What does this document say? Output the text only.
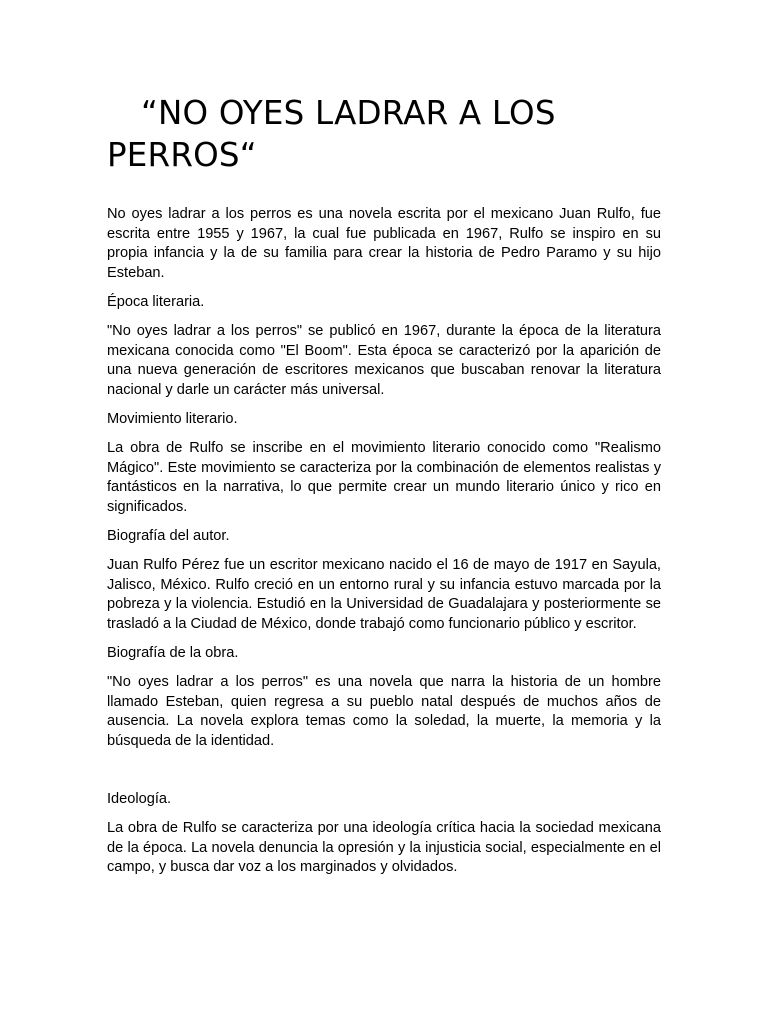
“NO OYES LADRAR A LOS PERROS“

No oyes ladrar a los perros es una novela escrita por el mexicano Juan Rulfo, fue escrita entre 1955 y 1967, la cual fue publicada en 1967, Rulfo se inspiro en su propia infancia y la de su familia para crear la historia de Pedro Paramo y su hijo Esteban.

Época literaria.

"No oyes ladrar a los perros" se publicó en 1967, durante la época de la literatura mexicana conocida como "El Boom". Esta época se caracterizó por la aparición de una nueva generación de escritores mexicanos que buscaban renovar la literatura nacional y darle un carácter más universal.

Movimiento literario.

La obra de Rulfo se inscribe en el movimiento literario conocido como "Realismo Mágico". Este movimiento se caracteriza por la combinación de elementos realistas y fantásticos en la narrativa, lo que permite crear un mundo literario único y rico en significados.

Biografía del autor.

Juan Rulfo Pérez fue un escritor mexicano nacido el 16 de mayo de 1917 en Sayula, Jalisco, México. Rulfo creció en un entorno rural y su infancia estuvo marcada por la pobreza y la violencia. Estudió en la Universidad de Guadalajara y posteriormente se trasladó a la Ciudad de México, donde trabajó como funcionario público y escritor.

Biografía de la obra.

"No oyes ladrar a los perros" es una novela que narra la historia de un hombre llamado Esteban, quien regresa a su pueblo natal después de muchos años de ausencia. La novela explora temas como la soledad, la muerte, la memoria y la búsqueda de la identidad.

Ideología.

La obra de Rulfo se caracteriza por una ideología crítica hacia la sociedad mexicana de la época. La novela denuncia la opresión y la injusticia social, especialmente en el campo, y busca dar voz a los marginados y olvidados.
